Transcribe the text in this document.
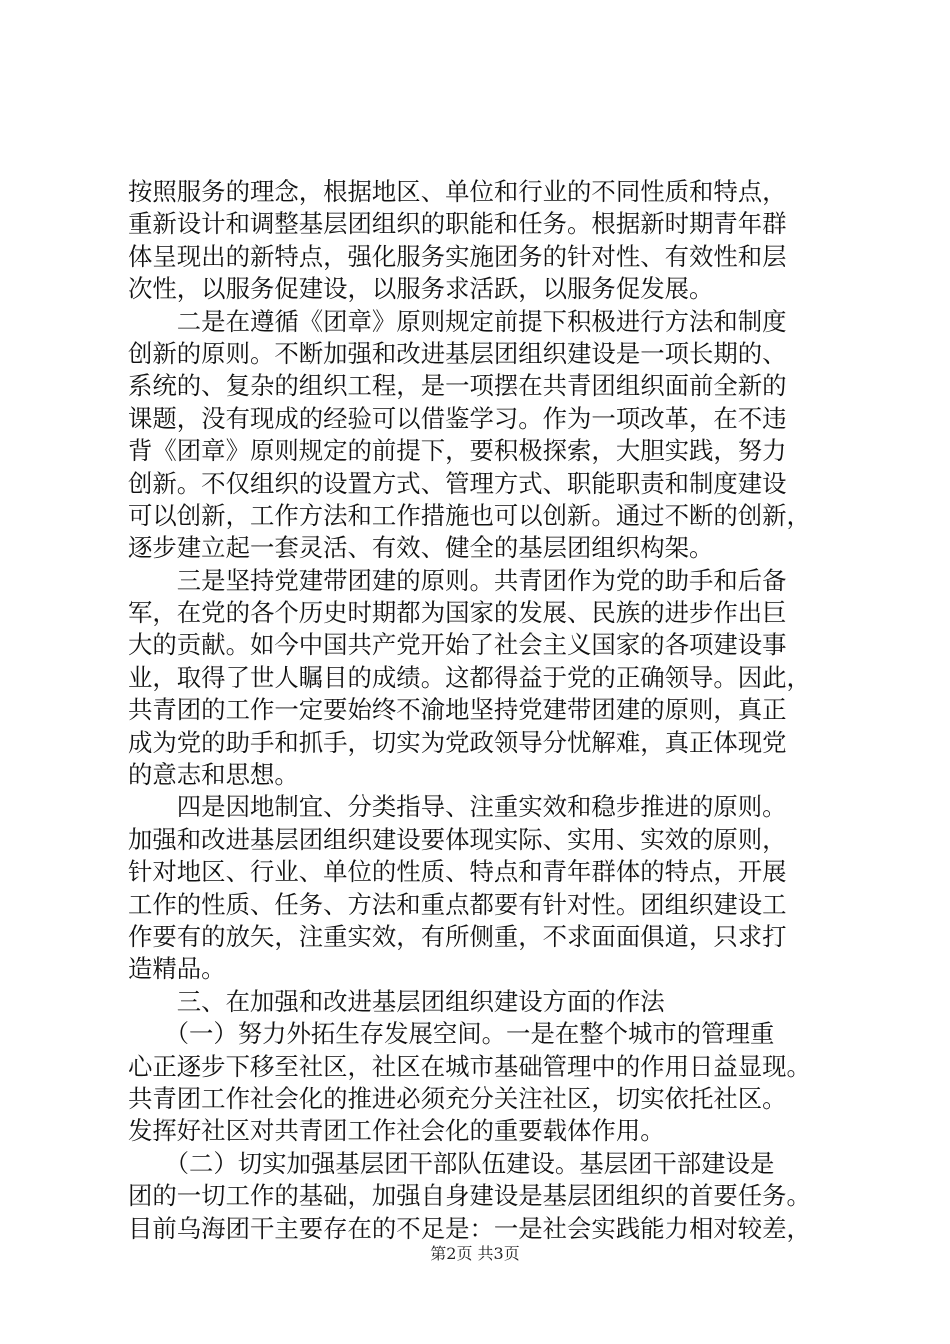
按照服务的理念，根据地区、单位和行业的不同性质和特点，
重新设计和调整基层团组织的职能和任务。根据新时期青年群
体呈现出的新特点，强化服务实施团务的针对性、有效性和层
次性，以服务促建设，以服务求活跃，以服务促发展。
　　二是在遵循《团章》原则规定前提下积极进行方法和制度
创新的原则。不断加强和改进基层团组织建设是一项长期的、
系统的、复杂的组织工程，是一项摆在共青团组织面前全新的
课题，没有现成的经验可以借鉴学习。作为一项改革，在不违
背《团章》原则规定的前提下，要积极探索，大胆实践，努力
创新。不仅组织的设置方式、管理方式、职能职责和制度建设
可以创新，工作方法和工作措施也可以创新。通过不断的创新，
逐步建立起一套灵活、有效、健全的基层团组织构架。
　　三是坚持党建带团建的原则。共青团作为党的助手和后备
军，在党的各个历史时期都为国家的发展、民族的进步作出巨
大的贡献。如今中国共产党开始了社会主义国家的各项建设事
业，取得了世人瞩目的成绩。这都得益于党的正确领导。因此，
共青团的工作一定要始终不渝地坚持党建带团建的原则，真正
成为党的助手和抓手，切实为党政领导分忧解难，真正体现党
的意志和思想。
　　四是因地制宜、分类指导、注重实效和稳步推进的原则。
加强和改进基层团组织建设要体现实际、实用、实效的原则，
针对地区、行业、单位的性质、特点和青年群体的特点，开展
工作的性质、任务、方法和重点都要有针对性。团组织建设工
作要有的放矢，注重实效，有所侧重，不求面面俱道，只求打
造精品。
　　三、在加强和改进基层团组织建设方面的作法
　　（一）努力外拓生存发展空间。一是在整个城市的管理重
心正逐步下移至社区，社区在城市基础管理中的作用日益显现。
共青团工作社会化的推进必须充分关注社区，切实依托社区。
发挥好社区对共青团工作社会化的重要载体作用。
　　（二）切实加强基层团干部队伍建设。基层团干部建设是
团的一切工作的基础，加强自身建设是基层团组织的首要任务。
目前乌海团干主要存在的不足是：一是社会实践能力相对较差，
第2页 共3页
